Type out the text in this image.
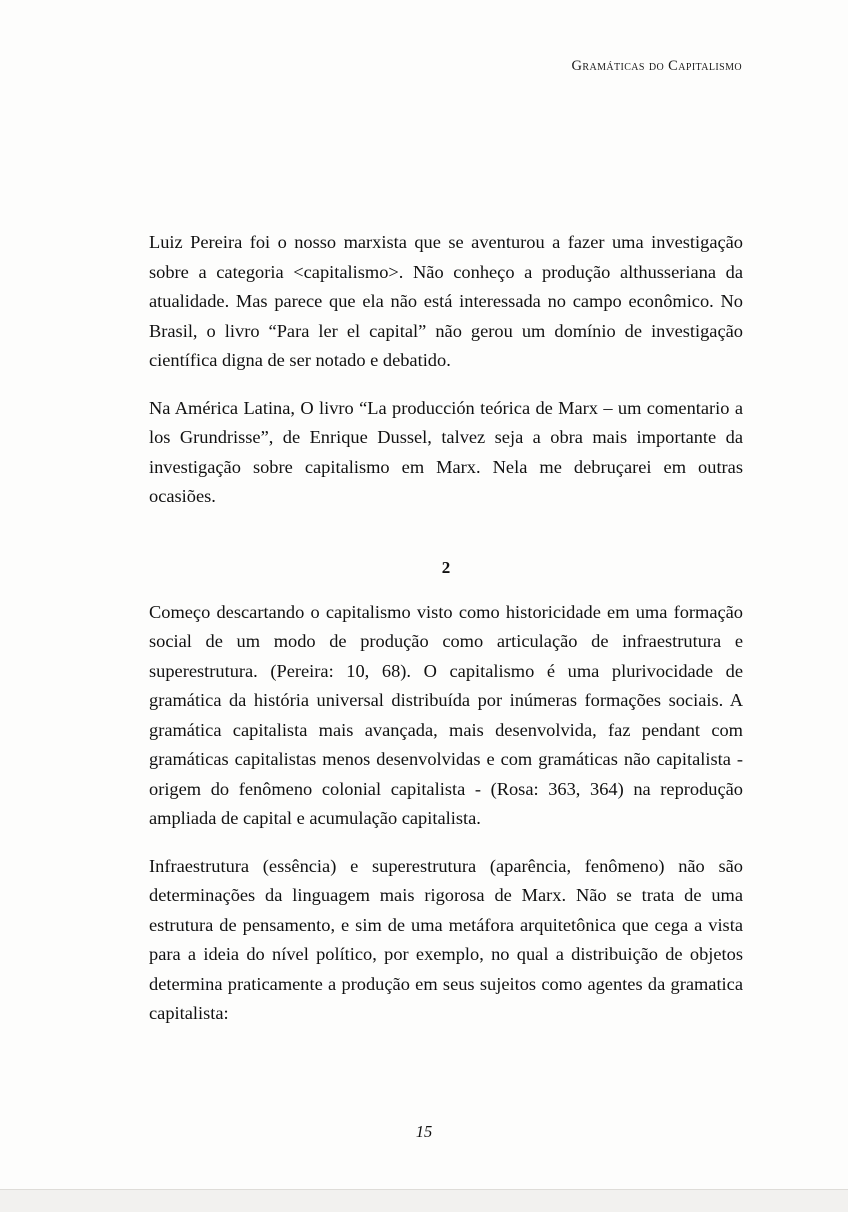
Gramáticas do Capitalismo

Luiz Pereira foi o nosso marxista que se aventurou a fazer uma investigação sobre a categoria <capitalismo>. Não conheço a produção althusseriana da atualidade. Mas parece que ela não está interessada no campo econômico. No Brasil, o livro “Para ler el capital” não gerou um domínio de investigação científica digna de ser notado e debatido.

Na América Latina, O livro “La producción teórica de Marx – um comentario a los Grundrisse”, de Enrique Dussel, talvez seja a obra mais importante da investigação sobre capitalismo em Marx. Nela me debruçarei em outras ocasiões.

2

Começo descartando o capitalismo visto como historicidade em uma formação social de um modo de produção como articulação de infraestrutura e superestrutura. (Pereira: 10, 68). O capitalismo é uma plurivocidade de gramática da história universal distribuída por inúmeras formações sociais. A gramática capitalista mais avançada, mais desenvolvida, faz pendant com gramáticas capitalistas menos desenvolvidas e com gramáticas não capitalista - origem do fenômeno colonial capitalista - (Rosa: 363, 364) na reprodução ampliada de capital e acumulação capitalista.

Infraestrutura (essência) e superestrutura (aparência, fenômeno) não são determinações da linguagem mais rigorosa de Marx. Não se trata de uma estrutura de pensamento, e sim de uma metáfora arquitetônica que cega a vista para a ideia do nível político, por exemplo, no qual a distribuição de objetos determina praticamente a produção em seus sujeitos como agentes da gramatica capitalista:

15
